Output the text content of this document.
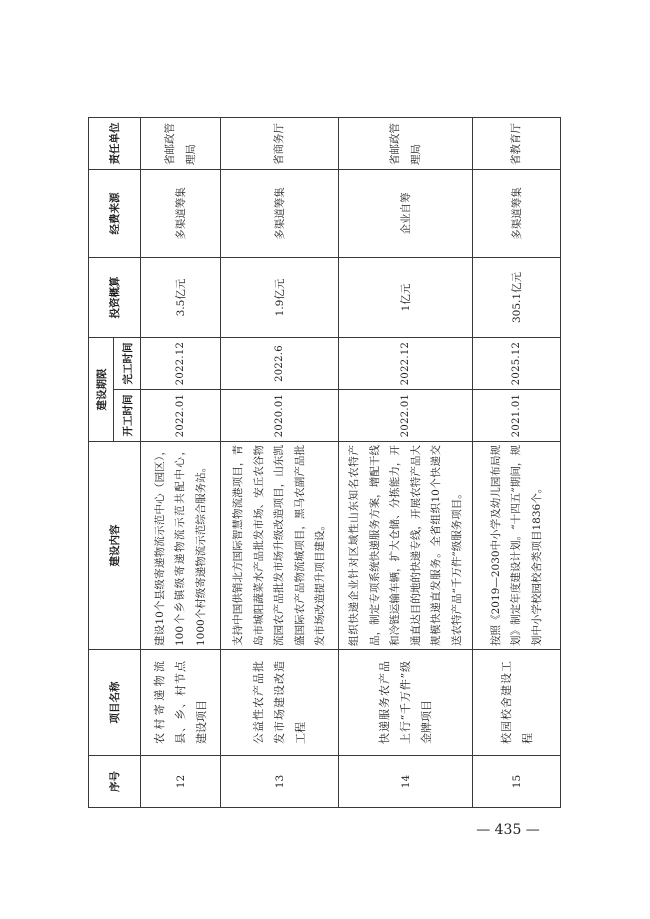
序号	项目名称	建设内容	建设期限		投资概算	经费来源	责任单位
			开工时间	完工时间			
12	农村寄递物流县、乡、村节点建设项目	建设10个县级寄递物流示范中心（园区），100个乡镇级寄递物流示范共配中心，1000个村级寄递物流示范综合服务站。	2022.01	2022.12	3.5亿元	多渠道筹集	省邮政管理局
13	公益性农产品批发市场建设改造工程	支持中国供销北方国际智慧物流港项目，青岛市城阳蔬菜水产品批发市场、安丘农谷物流园农产品批发市场升级改造项目，山东凯盛国际农产品物流城项目，黑马农副产品批发市场改造提升项目建设。	2020.01	2022.6	1.9亿元	多渠道筹集	省商务厅
14	快递服务农产品上行“千万件”级金牌项目	组织快递企业针对区域性山东知名农特产品，制定专项系统快递服务方案，增配干线和冷链运输车辆，扩大仓储、分拣能力，开通直达目的地的快递专线，开展农特产品大规模快递直发服务。全省组织10个快递交送农特产品“千万件”级服务项目。	2022.01	2022.12	1亿元	企业自筹	省邮政管理局
15	校园校舍建设工程	按照《2019—2030中小学及幼儿园布局规划》制定年度建设计划。“十四五”期间，规划中小学校园校舍类项目1836个。	2021.01	2025.12	305.1亿元	多渠道筹集	省教育厅
— 435 —
